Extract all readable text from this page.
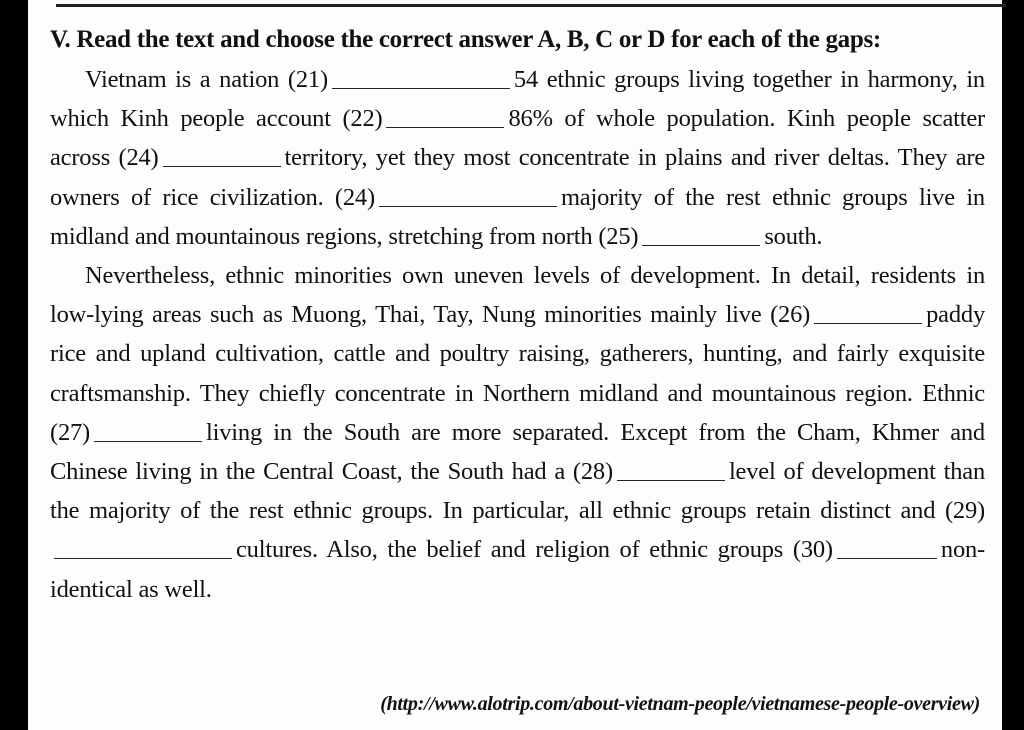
V. Read the text and choose the correct answer A, B, C or D for each of the gaps:

Vietnam is a nation (21)	54 ethnic groups living together in harmony, in which Kinh people account (22)	86% of whole population. Kinh people scatter across (24)	territory, yet they most concentrate in plains and river deltas. They are owners of rice civilization. (24)	majority of the rest ethnic groups live in midland and mountainous regions, stretching from north (25)	south.

Nevertheless, ethnic minorities own uneven levels of development. In detail, residents in low-lying areas such as Muong, Thai, Tay, Nung minorities mainly live (26)	paddy rice and upland cultivation, cattle and poultry raising, gatherers, hunting, and fairly exquisite craftsmanship. They chiefly concentrate in Northern midland and mountainous region. Ethnic (27)	living in the South are more separated. Except from the Cham, Khmer and Chinese living in the Central Coast, the South had a (28)	level of development than the majority of the rest ethnic groups. In particular, all ethnic groups retain distinct and (29)cultures. Also, the belief and religion of ethnic groups (30)	non-identical as well.

(http://www.alotrip.com/about-vietnam-people/vietnamese-people-overview)
